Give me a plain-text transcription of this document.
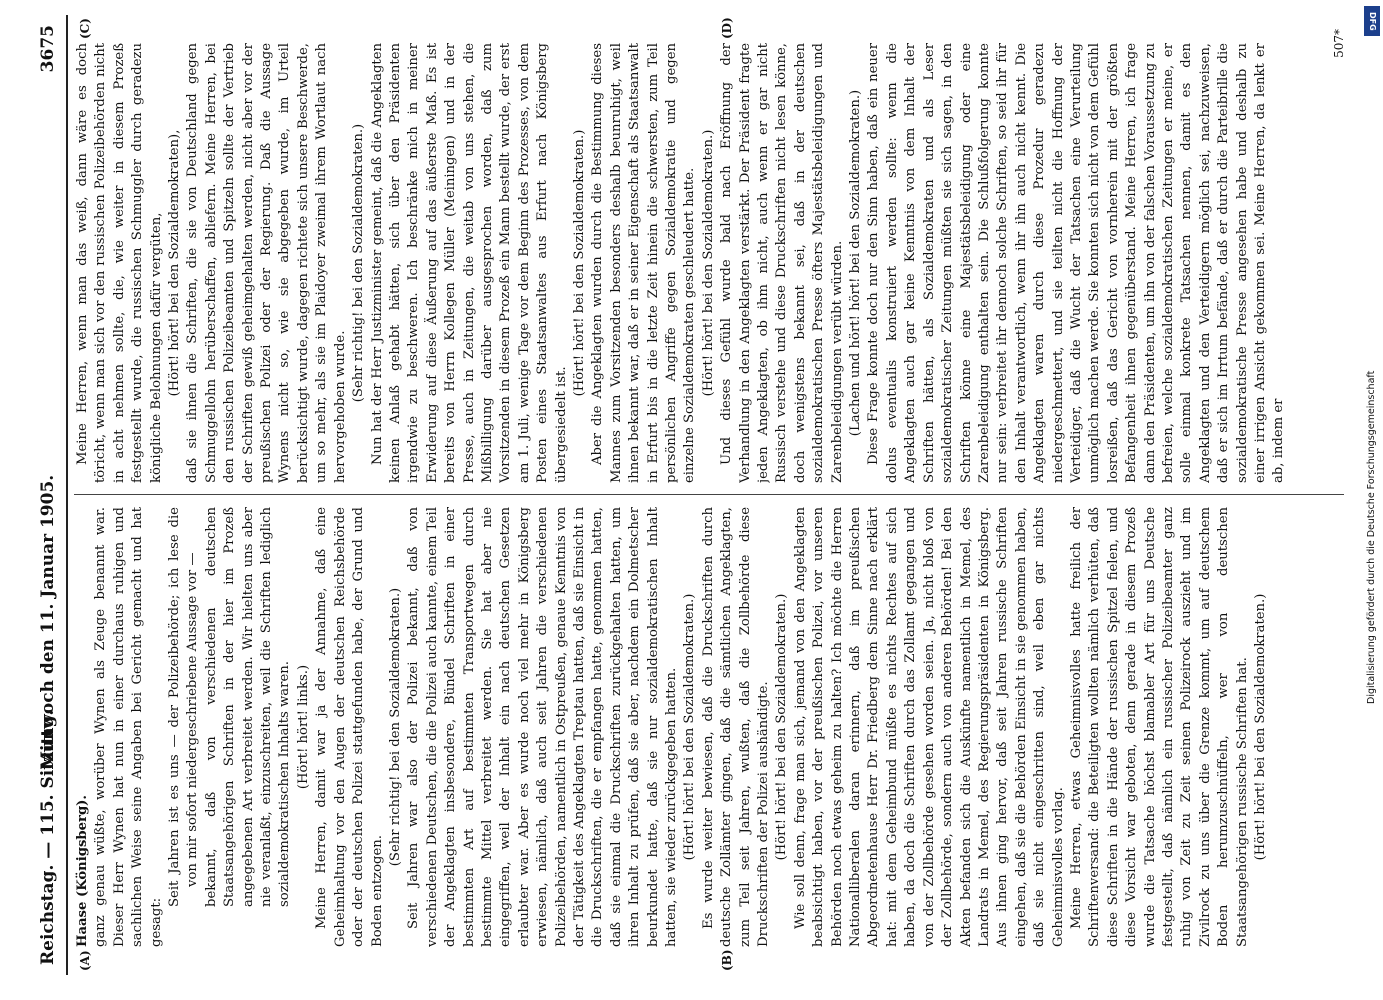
Reichstag. — 115. Sitzung.
Mittwoch den 11. Januar 1905.                                                                    3675
(A)	(B)
(C)	(D)

Haase (Königsberg). ganz genau wüßte, worüber Wynen als Zeuge benannt war. Dieser Herr Wynen hat nun in einer durchaus ruhigen und sachlichen Weise seine Angaben bei Gericht gemacht und hat gesagt:

Seit Jahren ist es uns — der Polizeibehörde; ich lese die von mir sofort niedergeschriebene Aussage vor — bekannt, daß von verschiedenen deutschen Staatsangehörigen Schriften in der hier im Prozeß angegebenen Art verbreitet werden. Wir hielten uns aber nie veranlaßt, einzuschreiten, weil die Schriften lediglich sozialdemokratischen Inhalts waren. (Hört! hört! links.) Meine Herren, damit war ja der Annahme, daß eine Geheimhaltung vor den Augen der deutschen Reichsbehörde oder der deutschen Polizei stattgefunden habe, der Grund und Boden entzogen.

(Sehr richtig! bei den Sozialdemokraten.) Seit Jahren war also der Polizei bekannt, daß von verschiedenen Deutschen, die die Polizei auch kannte, einem Teil der Angeklagten insbesondere, Bündel Schriften in einer bestimmten Art auf bestimmten Transportwegen durch bestimmte Mittel verbreitet werden. Sie hat aber nie eingegriffen, weil der Inhalt ein nach deutschen Gesetzen erlaubter war. Aber es wurde noch viel mehr in Königsberg erwiesen, nämlich, daß auch seit Jahren die verschiedenen Polizeibehörden, namentlich in Ostpreußen, genaue Kenntnis von der Tätigkeit des Angeklagten Treptau hatten, daß sie Einsicht in die Druckschriften, die er empfangen hatte, genommen hatten, daß sie einmal die Druckschriften zurückgehalten hatten, um ihren Inhalt zu prüfen, daß sie aber, nachdem ein Dolmetscher beurkundet hatte, daß sie nur sozialdemokratischen Inhalt hatten, sie wieder zurückgegeben hatten. (Hört! hört! bei den Sozialdemokraten.) Es wurde weiter bewiesen, daß die Druckschriften durch deutsche Zollämter gingen, daß die sämtlichen Angeklagten, zum Teil seit Jahren, wußten, daß die Zollbehörde diese Druckschriften der Polizei aushändigte. (Hört! hört! bei den Sozialdemokraten.) Wie soll denn, frage man sich, jemand von den Angeklagten beabsichtigt haben, vor der preußischen Polizei, vor unseren Behörden noch etwas geheim zu halten? Ich möchte die Herren Nationalliberalen daran erinnern, daß im preußischen Abgeordnetenhause Herr Dr. Friedberg dem Sinne nach erklärt hat: mit dem Geheimbund müßte es nichts Rechtes auf sich haben, da doch die Schriften durch das Zollamt gegangen und von der Zollbehörde gesehen worden seien. Ja, nicht bloß von der Zollbehörde, sondern auch von anderen Behörden! Bei den Akten befanden sich die Auskünfte namentlich in Memel, des Landrats in Memel, des Regierungspräsidenten in Königsberg. Aus ihnen ging hervor, daß seit Jahren russische Schriften eingehen, daß sie die Behörden Einsicht in sie genommen haben, daß sie nicht eingeschritten sind, weil eben gar nichts Geheimnisvolles vorlag. Meine Herren, etwas Geheimnisvolles hatte freilich der Schriftenversand: die Beteiligten wollten nämlich verhüten, daß diese Schriften in die Hände der russischen Spitzel fielen, und diese Vorsicht war geboten, denn gerade in diesem Prozeß wurde die Tatsache höchst blamabler Art für uns Deutsche festgestellt, daß nämlich ein russischer Polizeibeamter ganz ruhig von Zeit zu Zeit seinen Polizeirock auszieht und im Zivilrock zu uns über die Grenze kommt, um auf deutschem Boden herumzuschnüffeln, wer von deutschen Staatsangehörigen russische Schriften hat. (Hört! hört! bei den Sozialdemokraten.)

Meine Herren, wenn man das weiß, dann wäre es doch töricht, wenn man sich vor den russischen Polizeibehörden nicht in acht nehmen sollte, die, wie weiter in diesem Prozeß festgestellt wurde, die russischen Schmuggler durch geradezu königliche Belohnungen dafür vergüten, (Hört! hört! bei den Sozialdemokraten), daß sie ihnen die Schriften, die sie von Deutschland gegen Schmuggellohn herüberschaffen, abliefern. Meine Herren, bei den russischen Polizeibeamten und Spitzeln sollte der Vertrieb der Schriften gewiß geheimgehalten werden, nicht aber vor der preußischen Polizei oder der Regierung. Daß die Aussage Wynens nicht so, wie sie abgegeben wurde, im Urteil berücksichtigt wurde, dagegen richtete sich unsere Beschwerde, um so mehr, als sie im Plaidoyer zweimal ihrem Wortlaut nach hervorgehoben wurde.

(Sehr richtig! bei den Sozialdemokraten.) Nun hat der Herr Justizminister gemeint, daß die Angeklagten keinen Anlaß gehabt hätten, sich über den Präsidenten irgendwie zu beschweren. Ich beschränke mich in meiner Erwiderung auf diese Äußerung auf das äußerste Maß. Es ist bereits von Herrn Kollegen Müller (Meiningen) und in der Presse, auch in Zeitungen, die weitab von uns stehen, die Mißbilligung darüber ausgesprochen worden, daß zum Vorsitzenden in diesem Prozeß ein Mann bestellt wurde, der erst am 1. Juli, wenige Tage vor dem Beginn des Prozesses, von dem Posten eines Staatsanwaltes aus Erfurt nach Königsberg übergesiedelt ist.

(Hört! hört! bei den Sozialdemokraten.) Aber die Angeklagten wurden durch die Bestimmung dieses Mannes zum Vorsitzenden besonders deshalb beunruhigt, weil ihnen bekannt war, daß er in seiner Eigenschaft als Staatsanwalt in Erfurt bis in die letzte Zeit hinein die schwersten, zum Teil persönlichen Angriffe gegen Sozialdemokratie und gegen einzelne Sozialdemokraten geschleudert hatte. (Hört! hört! bei den Sozialdemokraten.) Und dieses Gefühl wurde bald nach Eröffnung der Verhandlung in den Angeklagten verstärkt. Der Präsident fragte jeden Angeklagten, ob ihm nicht, auch wenn er gar nicht Russisch verstehe und diese Druckschriften nicht lesen könne, doch wenigstens bekannt sei, daß in der deutschen sozialdemokratischen Presse öfters Majestätsbeleidigungen und Zarenbeleidigungen verübt würden. (Lachen und hört! hört! bei den Sozialdemokraten.) Diese Frage konnte doch nur den Sinn haben, daß ein neuer dolus eventualis konstruiert werden sollte: wenn die Angeklagten auch gar keine Kenntnis von dem Inhalt der Schriften hätten, als Sozialdemokraten und als Leser sozialdemokratischer Zeitungen müßten sie sich sagen, in den Schriften könne eine Majestätsbeleidigung oder eine Zarenbeleidigung enthalten sein. Die Schlußfolgerung konnte nur sein: verbreitet ihr dennoch solche Schriften, so seid ihr für den Inhalt verantwortlich, wenn ihr ihn auch nicht kennt. Die Angeklagten waren durch diese Prozedur geradezu niedergeschmettert, und sie teilten nicht die Hoffnung der Verteidiger, daß die Wucht der Tatsachen eine Verurteilung unmöglich machen werde. Sie konnten sich nicht von dem Gefühl losreißen, daß das Gericht von vornherein mit der größten Befangenheit ihnen gegenüberstand. Meine Herren, ich frage dann den Präsidenten, um ihn von der falschen Voraussetzung zu befreien, welche sozialdemokratischen Zeitungen er meine, er solle einmal konkrete Tatsachen nennen, damit es den Angeklagten und den Verteidigern möglich sei, nachzuweisen, daß er sich im Irrtum befände, daß er durch die Parteibrille die sozialdemokratische Presse angesehen habe und deshalb zu einer irrigen Ansicht gekommen sei. Meine Herren, da lenkt er ab, indem er

507*
DFG
Digitalisierung gefördert durch die Deutsche Forschungsgemeinschaft
